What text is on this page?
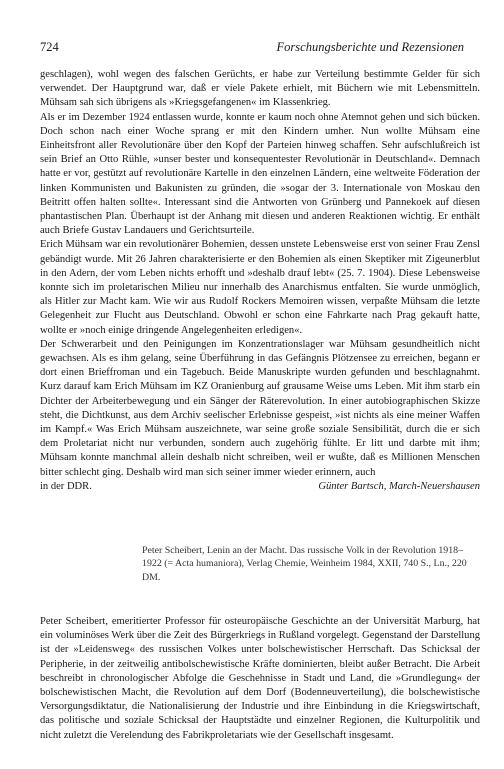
724	Forschungsberichte und Rezensionen

geschlagen), wohl wegen des falschen Gerüchts, er habe zur Verteilung bestimmte Gelder für sich verwendet. Der Hauptgrund war, daß er viele Pakete erhielt, mit Büchern wie mit Lebensmitteln. Mühsam sah sich übrigens als »Kriegsgefangenen« im Klassenkrieg.

Als er im Dezember 1924 entlassen wurde, konnte er kaum noch ohne Atemnot gehen und sich bücken. Doch schon nach einer Woche sprang er mit den Kindern umher. Nun wollte Mühsam eine Einheitsfront aller Revolutionäre über den Kopf der Parteien hinweg schaffen. Sehr aufschlußreich ist sein Brief an Otto Rühle, »unser bester und konsequentester Revolutionär in Deutschland«. Demnach hatte er vor, gestützt auf revolutionäre Kartelle in den einzelnen Ländern, eine weltweite Föderation der linken Kommunisten und Bakunisten zu gründen, die »sogar der 3. Internationale von Moskau den Beitritt offen halten sollte«. Interessant sind die Antworten von Grünberg und Pannekoek auf diesen phantastischen Plan. Überhaupt ist der Anhang mit diesen und anderen Reaktionen wichtig. Er enthält auch Briefe Gustav Landauers und Gerichtsurteile.

Erich Mühsam war ein revolutionärer Bohemien, dessen unstete Lebensweise erst von seiner Frau Zensl gebändigt wurde. Mit 26 Jahren charakterisierte er den Bohemien als einen Skeptiker mit Zigeunerblut in den Adern, der vom Leben nichts erhofft und »deshalb drauf lebt« (25. 7. 1904). Diese Lebensweise konnte sich im proletarischen Milieu nur innerhalb des Anarchismus entfalten. Sie wurde unmöglich, als Hitler zur Macht kam. Wie wir aus Rudolf Rockers Memoiren wissen, verpaßte Mühsam die letzte Gelegenheit zur Flucht aus Deutschland. Obwohl er schon eine Fahrkarte nach Prag gekauft hatte, wollte er »noch einige dringende Angelegenheiten erledigen«.

Der Schwerarbeit und den Peinigungen im Konzentrationslager war Mühsam gesundheitlich nicht gewachsen. Als es ihm gelang, seine Überführung in das Gefängnis Plötzensee zu erreichen, begann er dort einen Brieffroman und ein Tagebuch. Beide Manuskripte wurden gefunden und beschlagnahmt. Kurz darauf kam Erich Mühsam im KZ Oranienburg auf grausame Weise ums Leben. Mit ihm starb ein Dichter der Arbeiterbewegung und ein Sänger der Räterevolution. In einer autobiographischen Skizze steht, die Dichtkunst, aus dem Archiv seelischer Erlebnisse gespeist, »ist nichts als eine meiner Waffen im Kampf.« Was Erich Mühsam auszeichnete, war seine große soziale Sensibilität, durch die er sich dem Proletariat nicht nur verbunden, sondern auch zugehörig fühlte. Er litt und darbte mit ihm; Mühsam konnte manchmal allein deshalb nicht schreiben, weil er wußte, daß es Millionen Menschen bitter schlecht ging. Deshalb wird man sich seiner immer wieder erinnern, auch

in der DDR.	Günter Bartsch, March-Neuershausen

Peter Scheibert, Lenin an der Macht. Das russische Volk in der Revolution 1918–1922 (= Acta humaniora), Verlag Chemie, Weinheim 1984, XXII, 740 S., Ln., 220 DM.

Peter Scheibert, emeritierter Professor für osteuropäische Geschichte an der Universität Marburg, hat ein voluminöses Werk über die Zeit des Bürgerkriegs in Rußland vorgelegt. Gegenstand der Darstellung ist der »Leidensweg« des russischen Volkes unter bolschewistischer Herrschaft. Das Schicksal der Peripherie, in der zeitweilig antibolschewistische Kräfte dominierten, bleibt außer Betracht. Die Arbeit beschreibt in chronologischer Abfolge die Geschehnisse in Stadt und Land, die »Grundlegung« der bolschewistischen Macht, die Revolution auf dem Dorf (Bodenneuverteilung), die bolschewistische Versorgungsdiktatur, die Nationalisierung der Industrie und ihre Einbindung in die Kriegswirtschaft, das politische und soziale Schicksal der Hauptstädte und einzelner Regionen, die Kulturpolitik und nicht zuletzt die Verelendung des Fabrikproletariats wie der Gesellschaft insgesamt.
